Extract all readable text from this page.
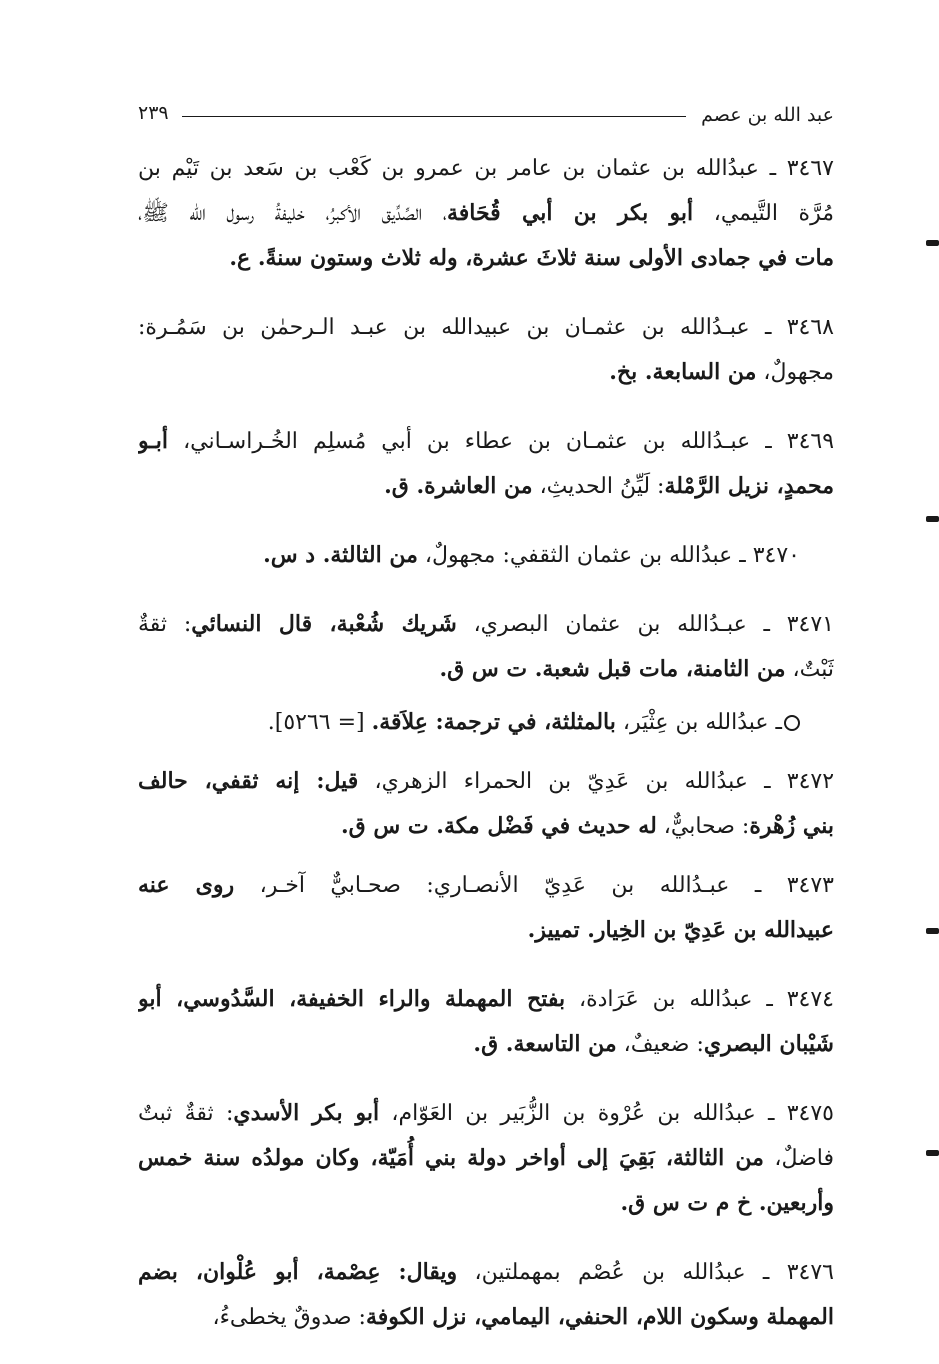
عبد الله بن عصم
٢٣٩
٣٤٦٧ ـ عبدُالله بن عثمان بن عامر بن عمرو بن كَعْب بن سَعد بن تَيْم بن
مُرَّة التَّيمي، أبو بكر بن أبي قُحَافة، الصِّدِّيق الأكبرُ، خليفةُ رسول الله ﷺ،
مات في جمادى الأولى سنة ثلاثَ عشرة، وله ثلاث وستون سنةً. ع.
٣٤٦٨ ـ عبـدُالله بن عثمـان بن عبيدالله بن عبـد الـرحمٰن بن سَمُـرة:
مجهولٌ، من السابعة. بخ.
٣٤٦٩ ـ عبـدُالله بن عثمـان بن عطاء بن أبي مُسلِم الخُـراسـاني، أبـو
محمدٍ، نزيل الرَّمْلة: لَيِّنُ الحديثِ، من العاشرة. ق.
٣٤٧٠ ـ عبدُالله بن عثمان الثقفي: مجهولٌ، من الثالثة. د س.
٣٤٧١ ـ عبـدُالله بن عثمان البصري، شَريك شُعْبة، قال النسائي: ثقةٌ
ثَبْتٌ، من الثامنة، مات قبل شعبة. ت س ق.
ـ عبدُالله بن عِثْيَر، بالمثلثة، في ترجمة: عِلاَقة. [= ٥٢٦٦].
٣٤٧٢ ـ عبدُالله بن عَدِيّ بن الحمراء الزهري، قيل: إنه ثقفي، حالف
بني زُهْرة: صحابيٌّ، له حديث في فَضْل مكة. ت س ق.
٣٤٧٣ ـ عبـدُالله بن عَدِيّ الأنصـاري: صحـابيٌّ آخـر، روى عنه
عبيدالله بن عَدِيّ بن الخِيار. تمييز.
٣٤٧٤ ـ عبدُالله بن عَرَادة، بفتح المهملة والراء الخفيفة، السَّدُوسي، أبو
شَيْبان البصري: ضعيفٌ، من التاسعة. ق.
٣٤٧٥ ـ عبدُالله بن عُرْوة بن الزُّبَير بن العَوّام، أبو بكر الأسدي: ثقةٌ ثبتٌ
فاضلٌ، من الثالثة، بَقِيَ إلى أواخر دولة بني أُمَيّة، وكان مولدُه سنة خمس
وأربعين. خ م ت س ق.
٣٤٧٦ ـ عبدُالله بن عُصْم بمهملتين، ويقال: عِصْمة، أبو عُلْوان، بضم
المهملة وسكون اللام، الحنفي، اليمامي، نزل الكوفة: صدوقٌ يخطىءُ،
